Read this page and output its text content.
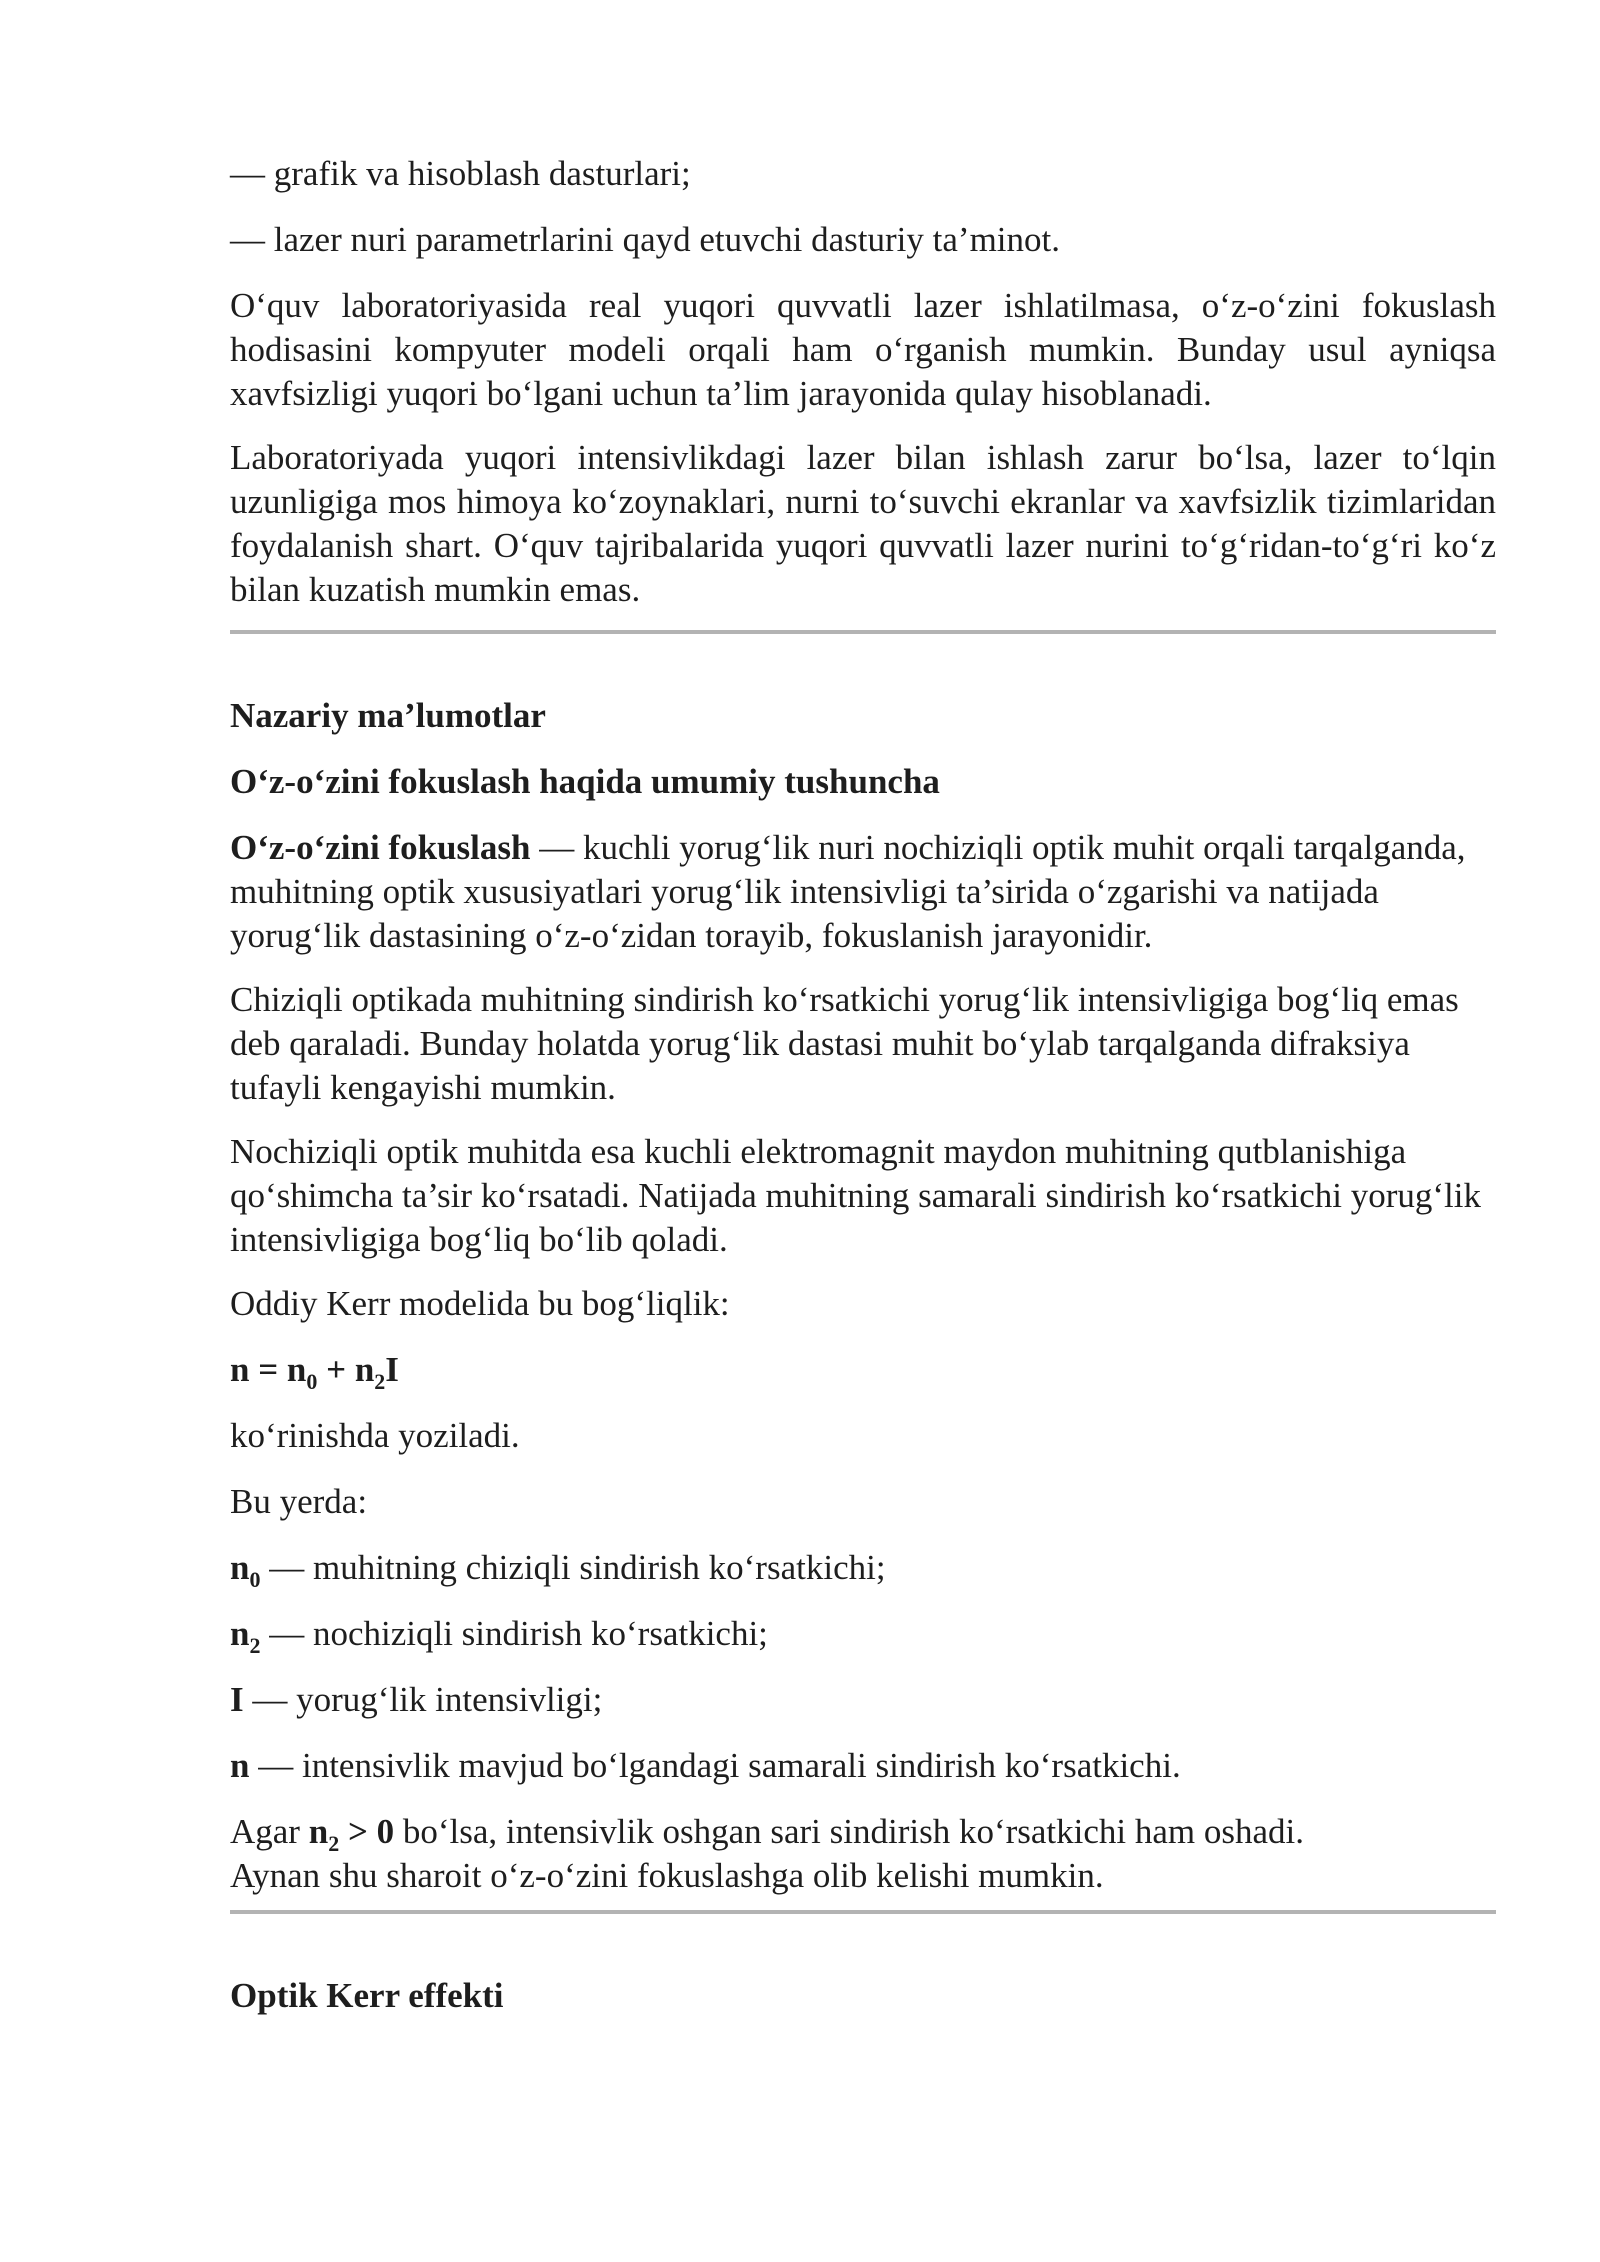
— grafik va hisoblash dasturlari;

— lazer nuri parametrlarini qayd etuvchi dasturiy ta’minot.

O‘quv laboratoriyasida real yuqori quvvatli lazer ishlatilmasa, o‘z-o‘zini fokuslash hodisasini kompyuter modeli orqali ham o‘rganish mumkin. Bunday usul ayniqsa xavfsizligi yuqori bo‘lgani uchun ta’lim jarayonida qulay hisoblanadi.

Laboratoriyada yuqori intensivlikdagi lazer bilan ishlash zarur bo‘lsa, lazer to‘lqin uzunligiga mos himoya ko‘zoynaklari, nurni to‘suvchi ekranlar va xavfsizlik tizimlaridan foydalanish shart. O‘quv tajribalarida yuqori quvvatli lazer nurini to‘g‘ridan-to‘g‘ri ko‘z bilan kuzatish mumkin emas.

Nazariy ma’lumotlar

O‘z-o‘zini fokuslash haqida umumiy tushuncha

O‘z-o‘zini fokuslash — kuchli yorug‘lik nuri nochiziqli optik muhit orqali tarqalganda, muhitning optik xususiyatlari yorug‘lik intensivligi ta’sirida o‘zgarishi va natijada yorug‘lik dastasining o‘z-o‘zidan torayib, fokuslanish jarayonidir.

Chiziqli optikada muhitning sindirish ko‘rsatkichi yorug‘lik intensivligiga bog‘liq emas deb qaraladi. Bunday holatda yorug‘lik dastasi muhit bo‘ylab tarqalganda difraksiya tufayli kengayishi mumkin.

Nochiziqli optik muhitda esa kuchli elektromagnit maydon muhitning qutblanishiga qo‘shimcha ta’sir ko‘rsatadi. Natijada muhitning samarali sindirish ko‘rsatkichi yorug‘lik intensivligiga bog‘liq bo‘lib qoladi.

Oddiy Kerr modelida bu bog‘liqlik:

$n = n_0 + n_2I$

ko‘rinishda yoziladi.

Bu yerda:

$n_0$ — muhitning chiziqli sindirish ko‘rsatkichi;

$n_2$ — nochiziqli sindirish ko‘rsatkichi;

I — yorug‘lik intensivligi;

n — intensivlik mavjud bo‘lgandagi samarali sindirish ko‘rsatkichi.

Agar $n_2 > 0$ bo‘lsa, intensivlik oshgan sari sindirish ko‘rsatkichi ham oshadi.
Aynan shu sharoit o‘z-o‘zini fokuslashga olib kelishi mumkin.

Optik Kerr effekti
